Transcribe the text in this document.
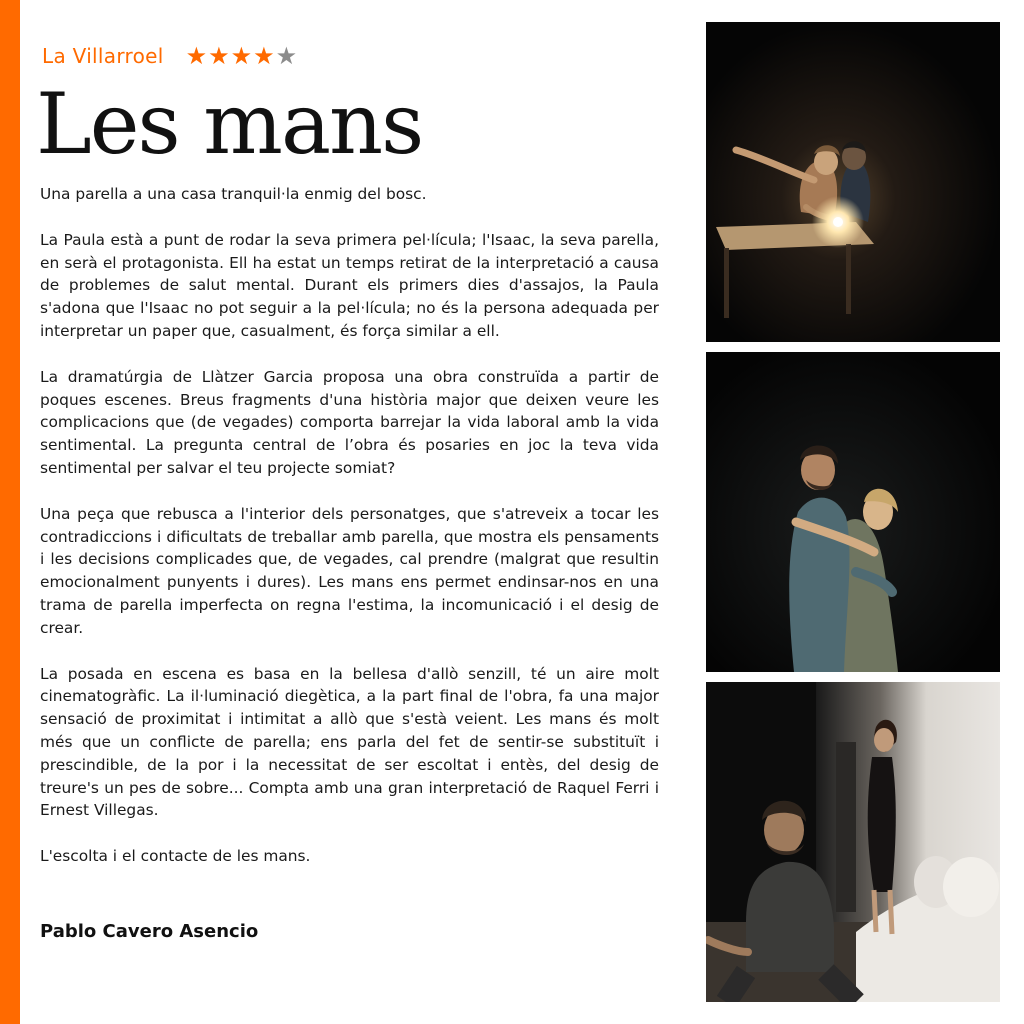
La Villarroel ★ ★ ★ ★ ★
Les mans

Una parella a una casa tranquil·la enmig del bosc.

La Paula està a punt de rodar la seva primera pel·lícula; l'Isaac, la seva parella, en serà el protagonista. Ell ha estat un temps retirat de la interpretació a causa de problemes de salut mental. Durant els primers dies d'assajos, la Paula s'adona que l'Isaac no pot seguir a la pel·lícula; no és la persona adequada per interpretar un paper que, casualment, és força similar a ell.

La dramatúrgia de Llàtzer Garcia proposa una obra construïda a partir de poques escenes. Breus fragments d'una història major que deixen veure les complicacions que (de vegades) comporta barrejar la vida laboral amb la vida sentimental. La pregunta central de l’obra és posaries en joc la teva vida sentimental per salvar el teu projecte somiat?

Una peça que rebusca a l'interior dels personatges, que s'atreveix a tocar les contradiccions i dificultats de treballar amb parella, que mostra els pensaments i les decisions complicades que, de vegades, cal prendre (malgrat que resultin emocionalment punyents i dures). Les mans ens permet endinsar-nos en una trama de parella imperfecta on regna l'estima, la incomunicació i el desig de crear.

La posada en escena es basa en la bellesa d'allò senzill, té un aire molt cinematogràfic. La il·luminació diegètica, a la part final de l'obra, fa una major sensació de proximitat i intimitat a allò que s'està veient. Les mans és molt més que un conflicte de parella; ens parla del fet de sentir-se substituït i prescindible, de la por i la necessitat de ser escoltat i entès, del desig de treure's un pes de sobre... Compta amb una gran interpretació de Raquel Ferri i Ernest Villegas.

L'escolta i el contacte de les mans.

Pablo Cavero Asencio
